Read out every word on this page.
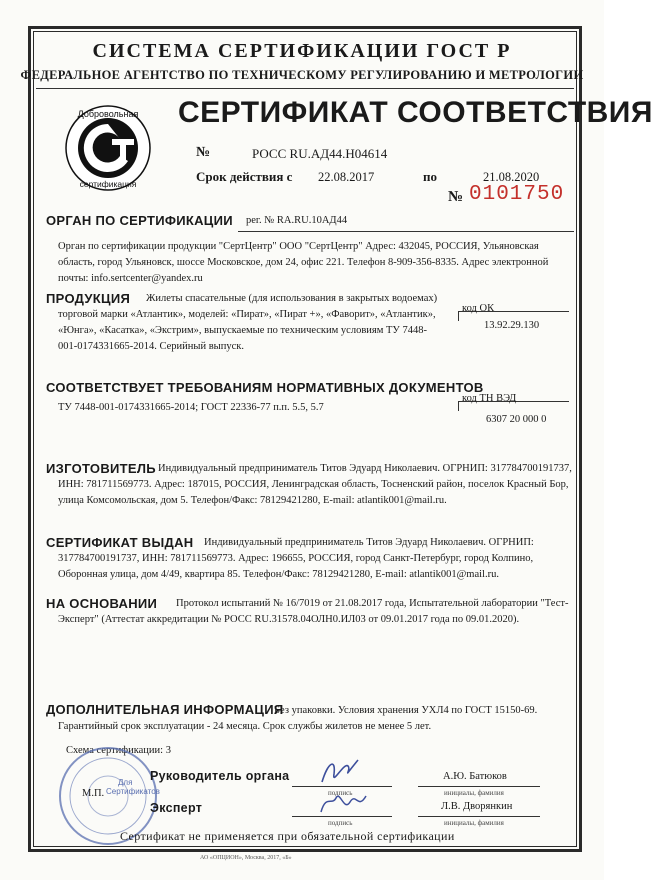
СИСТЕМА СЕРТИФИКАЦИИ ГОСТ Р
ФЕДЕРАЛЬНОЕ АГЕНТСТВО ПО ТЕХНИЧЕСКОМУ РЕГУЛИРОВАНИЮ И МЕТРОЛОГИИ
Добровольная
сертификация
СЕРТИФИКАТ СООТВЕТСТВИЯ
№	РОСС RU.АД44.Н04614
Срок действия с 22.08.2017	по	21.08.2020
№ 0101750
ОРГАН ПО СЕРТИФИКАЦИИ рег. № RA.RU.10АД44
Орган по сертификации продукции "СертЦентр" ООО "СертЦентр" Адрес: 432045, РОССИЯ, Ульяновская область, город Ульяновск, шоссе Московское, дом 24, офис 221. Телефон 8-909-356-8335. Адрес электронной почты: info.sertcenter@yandex.ru
ПРОДУКЦИЯ	Жилеты спасательные (для использования в закрытых водоемах) торговой марки «Атлантик», моделей: «Пират», «Пират +», «Фаворит», «Атлантик», «Юнга», «Касатка», «Экстрим», выпускаемые по техническим условиям ТУ 7448-001-0174331665-2014. Серийный выпуск.
код ОК
13.92.29.130
СООТВЕТСТВУЕТ ТРЕБОВАНИЯМ НОРМАТИВНЫХ ДОКУМЕНТОВ
ТУ 7448-001-0174331665-2014; ГОСТ 22336-77 п.п. 5.5, 5.7
код ТН ВЭД
6307 20 000 0
ИЗГОТОВИТЕЛЬ Индивидуальный предприниматель Титов Эдуард Николаевич. ОГРНИП: 317784700191737, ИНН: 781711569773. Адрес: 187015, РОССИЯ, Ленинградская область, Тосненский район, поселок Красный Бор, улица Комсомольская, дом 5. Телефон/Факс: 78129421280, E-mail: atlantik001@mail.ru.
СЕРТИФИКАТ ВЫДАН	Индивидуальный предприниматель Титов Эдуард Николаевич. ОГРНИП: 317784700191737, ИНН: 781711569773. Адрес: 196655, РОССИЯ, город Санкт-Петербург, город Колпино, Оборонная улица, дом 4/49, квартира 85. Телефон/Факс: 78129421280, E-mail: atlantik001@mail.ru.
НА ОСНОВАНИИ	Протокол испытаний № 16/7019 от 21.08.2017 года, Испытательной лаборатории "Тест-Эксперт" (Аттестат аккредитации № РОСС RU.31578.04ОЛН0.ИЛ03 от 09.01.2017 года по 09.01.2020).
ДОПОЛНИТЕЛЬНАЯ ИНФОРМАЦИЯ
Без упаковки. Условия хранения УХЛ4 по ГОСТ 15150-69. Гарантийный срок эксплуатации - 24 месяца. Срок службы жилетов не менее 5 лет.
Схема сертификации: 3
Для
Сертификатов
М.П.
Руководитель органа
подпись
А.Ю. Батюков
инициалы, фамилия
Эксперт
подпись
Л.В. Дворянкин
инициалы, фамилия
Сертификат не применяется при обязательной сертификации
АО «ОПЦИОН», Москва, 2017, «Б»
